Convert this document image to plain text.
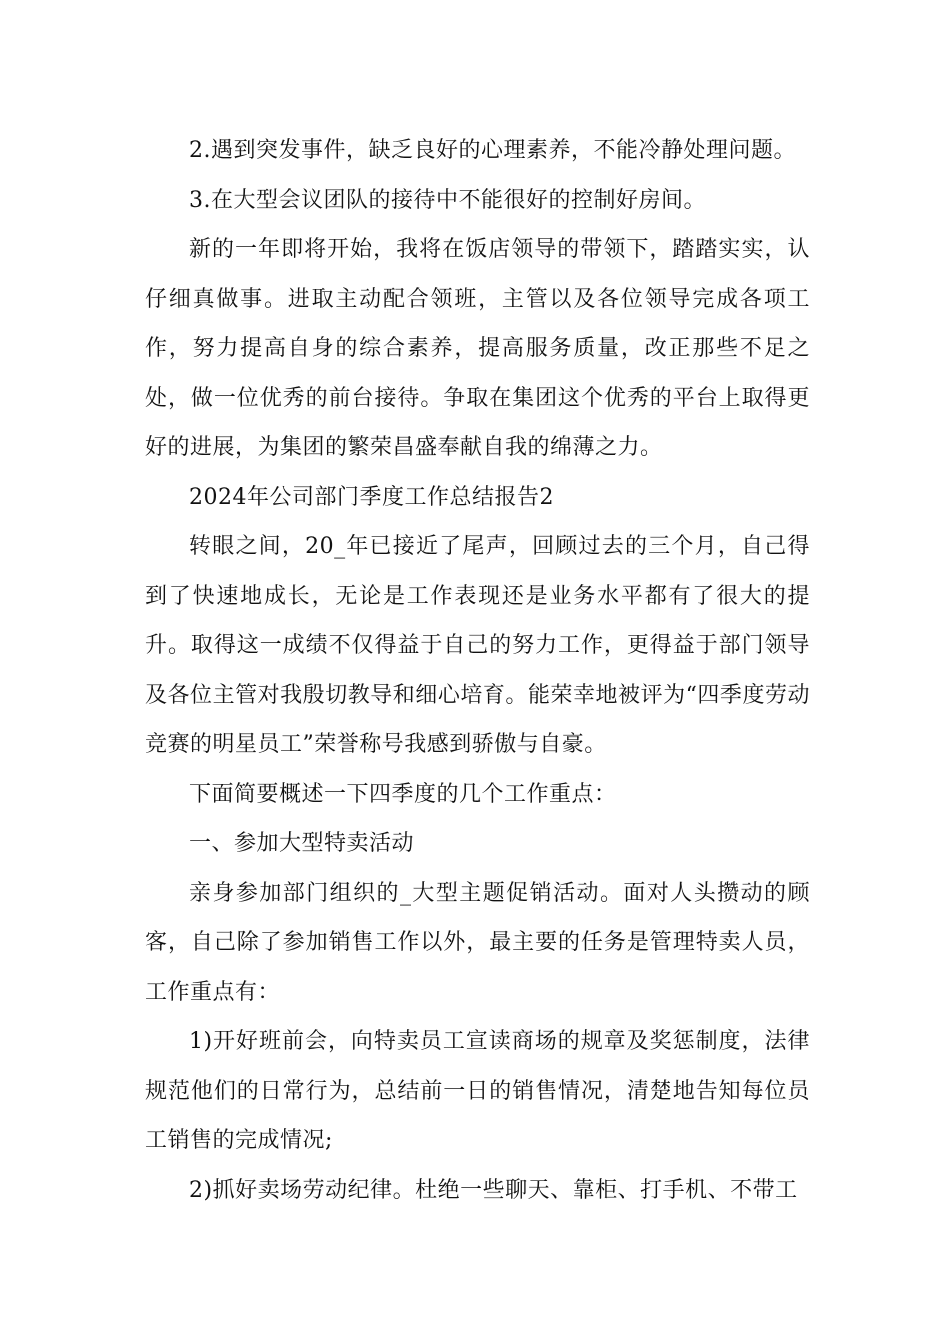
2.遇到突发事件，缺乏良好的心理素养，不能冷静处理问题。

3.在大型会议团队的接待中不能很好的控制好房间。

新的一年即将开始，我将在饭店领导的带领下，踏踏实实，认仔细真做事。进取主动配合领班，主管以及各位领导完成各项工作，努力提高自身的综合素养，提高服务质量，改正那些不足之处，做一位优秀的前台接待。争取在集团这个优秀的平台上取得更好的进展，为集团的繁荣昌盛奉献自我的绵薄之力。

2024年公司部门季度工作总结报告2

转眼之间，20_年已接近了尾声，回顾过去的三个月，自己得到了快速地成长，无论是工作表现还是业务水平都有了很大的提升。取得这一成绩不仅得益于自己的努力工作，更得益于部门领导及各位主管对我殷切教导和细心培育。能荣幸地被评为“四季度劳动竞赛的明星员工”荣誉称号我感到骄傲与自豪。

下面简要概述一下四季度的几个工作重点：

一、参加大型特卖活动

亲身参加部门组织的_大型主题促销活动。面对人头攒动的顾客，自己除了参加销售工作以外，最主要的任务是管理特卖人员，工作重点有：

1)开好班前会，向特卖员工宣读商场的规章及奖惩制度，法律规范他们的日常行为，总结前一日的销售情况，清楚地告知每位员工销售的完成情况;

2)抓好卖场劳动纪律。杜绝一些聊天、靠柜、打手机、不带工
